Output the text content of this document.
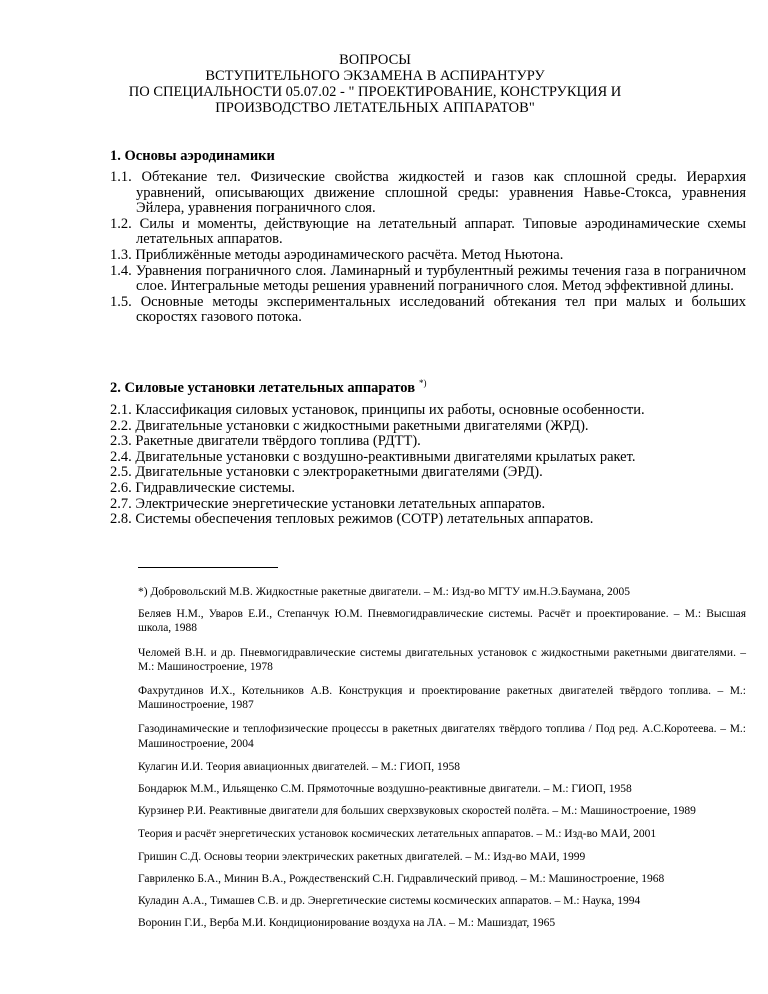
ВОПРОСЫ
ВСТУПИТЕЛЬНОГО ЭКЗАМЕНА В АСПИРАНТУРУ
ПО СПЕЦИАЛЬНОСТИ 05.07.02 - " ПРОЕКТИРОВАНИЕ, КОНСТРУКЦИЯ И
ПРОИЗВОДСТВО ЛЕТАТЕЛЬНЫХ АППАРАТОВ"
1. Основы аэродинамики
1.1. Обтекание тел. Физические свойства жидкостей и газов как сплошной среды. Иерархия уравнений, описывающих движение сплошной среды: уравнения Навье-Стокса, уравнения Эйлера, уравнения пограничного слоя.
1.2. Силы и моменты, действующие на летательный аппарат. Типовые аэродинамические схемы летательных аппаратов.
1.3. Приближённые методы аэродинамического расчёта. Метод Ньютона.
1.4. Уравнения пограничного слоя. Ламинарный и турбулентный режимы течения газа в пограничном слое. Интегральные методы решения уравнений пограничного слоя. Метод эффективной длины.
1.5. Основные методы экспериментальных исследований обтекания тел при малых и больших скоростях газового потока.
2. Силовые установки летательных аппаратов *)
2.1. Классификация силовых установок, принципы их работы, основные особенности.
2.2. Двигательные установки с жидкостными ракетными двигателями (ЖРД).
2.3. Ракетные двигатели твёрдого топлива (РДТТ).
2.4. Двигательные установки с воздушно-реактивными двигателями крылатых ракет.
2.5. Двигательные установки с электроракетными двигателями (ЭРД).
2.6. Гидравлические системы.
2.7. Электрические энергетические установки летательных аппаратов.
2.8. Системы обеспечения тепловых режимов (СОТР) летательных аппаратов.
*) Добровольский М.В. Жидкостные ракетные двигатели. – М.: Изд-во МГТУ им.Н.Э.Баумана, 2005
Беляев Н.М., Уваров Е.И., Степанчук Ю.М. Пневмогидравлические системы. Расчёт и проектирование. – М.: Высшая школа, 1988
Челомей В.Н. и др. Пневмогидравлические системы двигательных установок с жидкостными ракетными двигателями. – М.: Машиностроение, 1978
Фахрутдинов И.Х., Котельников А.В. Конструкция и проектирование ракетных двигателей твёрдого топлива. – М.: Машиностроение, 1987
Газодинамические и теплофизические процессы в ракетных двигателях твёрдого топлива / Под ред. А.С.Коротеева. – М.: Машиностроение, 2004
Кулагин И.И. Теория авиационных двигателей. – М.: ГИОП, 1958
Бондарюк М.М., Ильященко С.М. Прямоточные воздушно-реактивные двигатели. – М.: ГИОП, 1958
Курзинер Р.И. Реактивные двигатели для больших сверхзвуковых скоростей полёта. – М.: Машиностроение, 1989
Теория и расчёт энергетических установок космических летательных аппаратов. – М.: Изд-во МАИ, 2001
Гришин С.Д. Основы теории электрических ракетных двигателей. – М.: Изд-во МАИ, 1999
Гавриленко Б.А., Минин В.А., Рождественский С.Н. Гидравлический привод. – М.: Машиностроение, 1968
Куладин А.А., Тимашев С.В. и др. Энергетические системы космических аппаратов. – М.: Наука, 1994
Воронин Г.И., Верба М.И. Кондиционирование воздуха на ЛА. – М.: Машиздат, 1965
